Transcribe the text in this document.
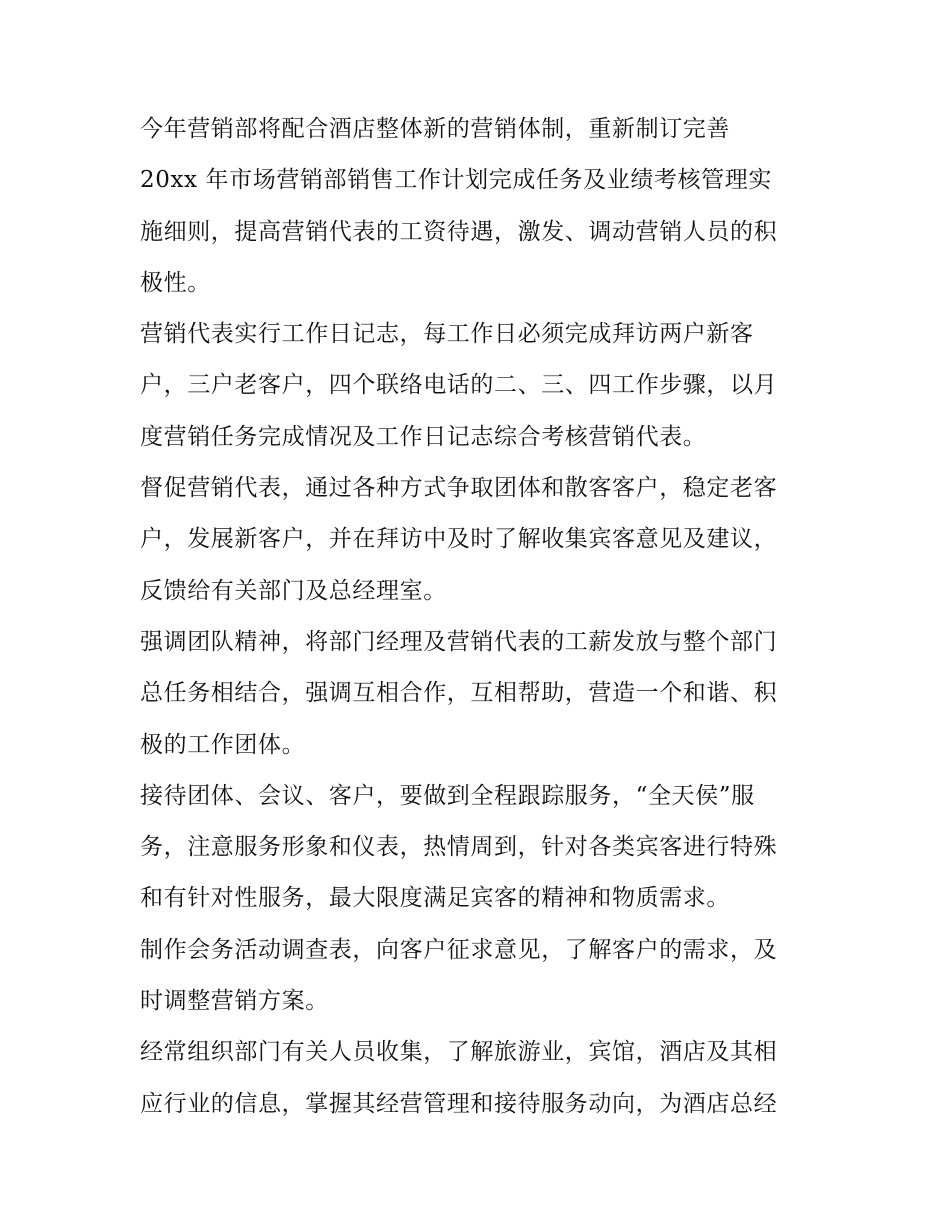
今年营销部将配合酒店整体新的营销体制，重新制订完善
20xx 年市场营销部销售工作计划完成任务及业绩考核管理实
施细则，提高营销代表的工资待遇，激发、调动营销人员的积
极性。
营销代表实行工作日记志，每工作日必须完成拜访两户新客
户，三户老客户，四个联络电话的二、三、四工作步骤，以月
度营销任务完成情况及工作日记志综合考核营销代表。
督促营销代表，通过各种方式争取团体和散客客户，稳定老客
户，发展新客户，并在拜访中及时了解收集宾客意见及建议，
反馈给有关部门及总经理室。
强调团队精神，将部门经理及营销代表的工薪发放与整个部门
总任务相结合，强调互相合作，互相帮助，营造一个和谐、积
极的工作团体。
接待团体、会议、客户，要做到全程跟踪服务，“全天侯”服
务，注意服务形象和仪表，热情周到，针对各类宾客进行特殊
和有针对性服务，最大限度满足宾客的精神和物质需求。
制作会务活动调查表，向客户征求意见，了解客户的需求，及
时调整营销方案。
经常组织部门有关人员收集，了解旅游业，宾馆，酒店及其相
应行业的信息，掌握其经营管理和接待服务动向，为酒店总经
